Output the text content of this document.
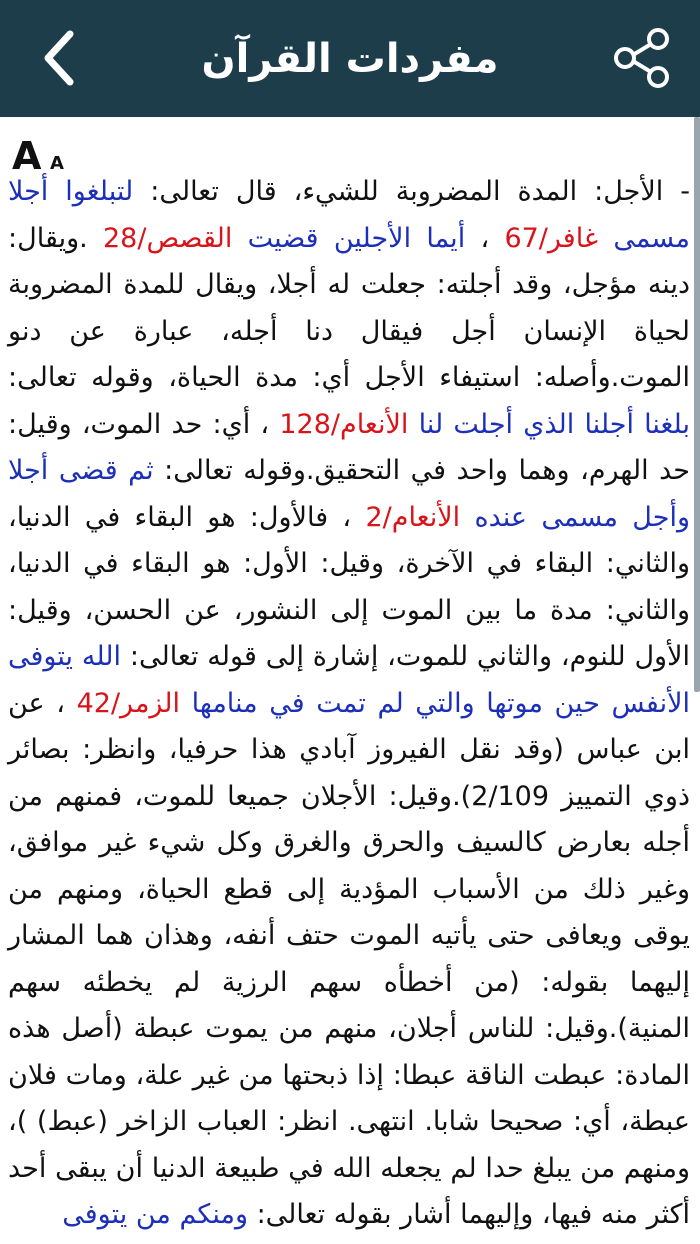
مفردات القرآن
A A
- الأجل: المدة المضروبة للشيء، قال تعالى: لتبلغوا أجلا مسمى غافر/67 ، أيما الأجلين قضيت القصص/28 .ويقال: دينه مؤجل، وقد أجلته: جعلت له أجلا، ويقال للمدة المضروبة لحياة الإنسان أجل فيقال دنا أجله، عبارة عن دنو الموت.وأصله: استيفاء الأجل أي: مدة الحياة، وقوله تعالى: بلغنا أجلنا الذي أجلت لنا الأنعام/128 ، أي: حد الموت، وقيل: حد الهرم، وهما واحد في التحقيق.وقوله تعالى: ثم قضى أجلا وأجل مسمى عنده الأنعام/2 ، فالأول: هو البقاء في الدنيا، والثاني: البقاء في الآخرة، وقيل: الأول: هو البقاء في الدنيا، والثاني: مدة ما بين الموت إلى النشور، عن الحسن، وقيل: الأول للنوم، والثاني للموت، إشارة إلى قوله تعالى: الله يتوفى الأنفس حين موتها والتي لم تمت في منامها الزمر/42 ، عن ابن عباس (وقد نقل الفيروز آبادي هذا حرفيا، وانظر: بصائر ذوي التمييز 2/109).وقيل: الأجلان جميعا للموت، فمنهم من أجله بعارض كالسيف والحرق والغرق وكل شيء غير موافق، وغير ذلك من الأسباب المؤدية إلى قطع الحياة، ومنهم من يوقى ويعافى حتى يأتيه الموت حتف أنفه، وهذان هما المشار إليهما بقوله: (من أخطأه سهم الرزية لم يخطئه سهم المنية).وقيل: للناس أجلان، منهم من يموت عبطة (أصل هذه المادة: عبطت الناقة عبطا: إذا ذبحتها من غير علة، ومات فلان عبطة، أي: صحيحا شابا. انتهى. انظر: العباب الزاخر (عبط) )، ومنهم من يبلغ حدا لم يجعله الله في طبيعة الدنيا أن يبقى أحد أكثر منه فيها، وإليهما أشار بقوله تعالى: ومنكم من يتوفى
